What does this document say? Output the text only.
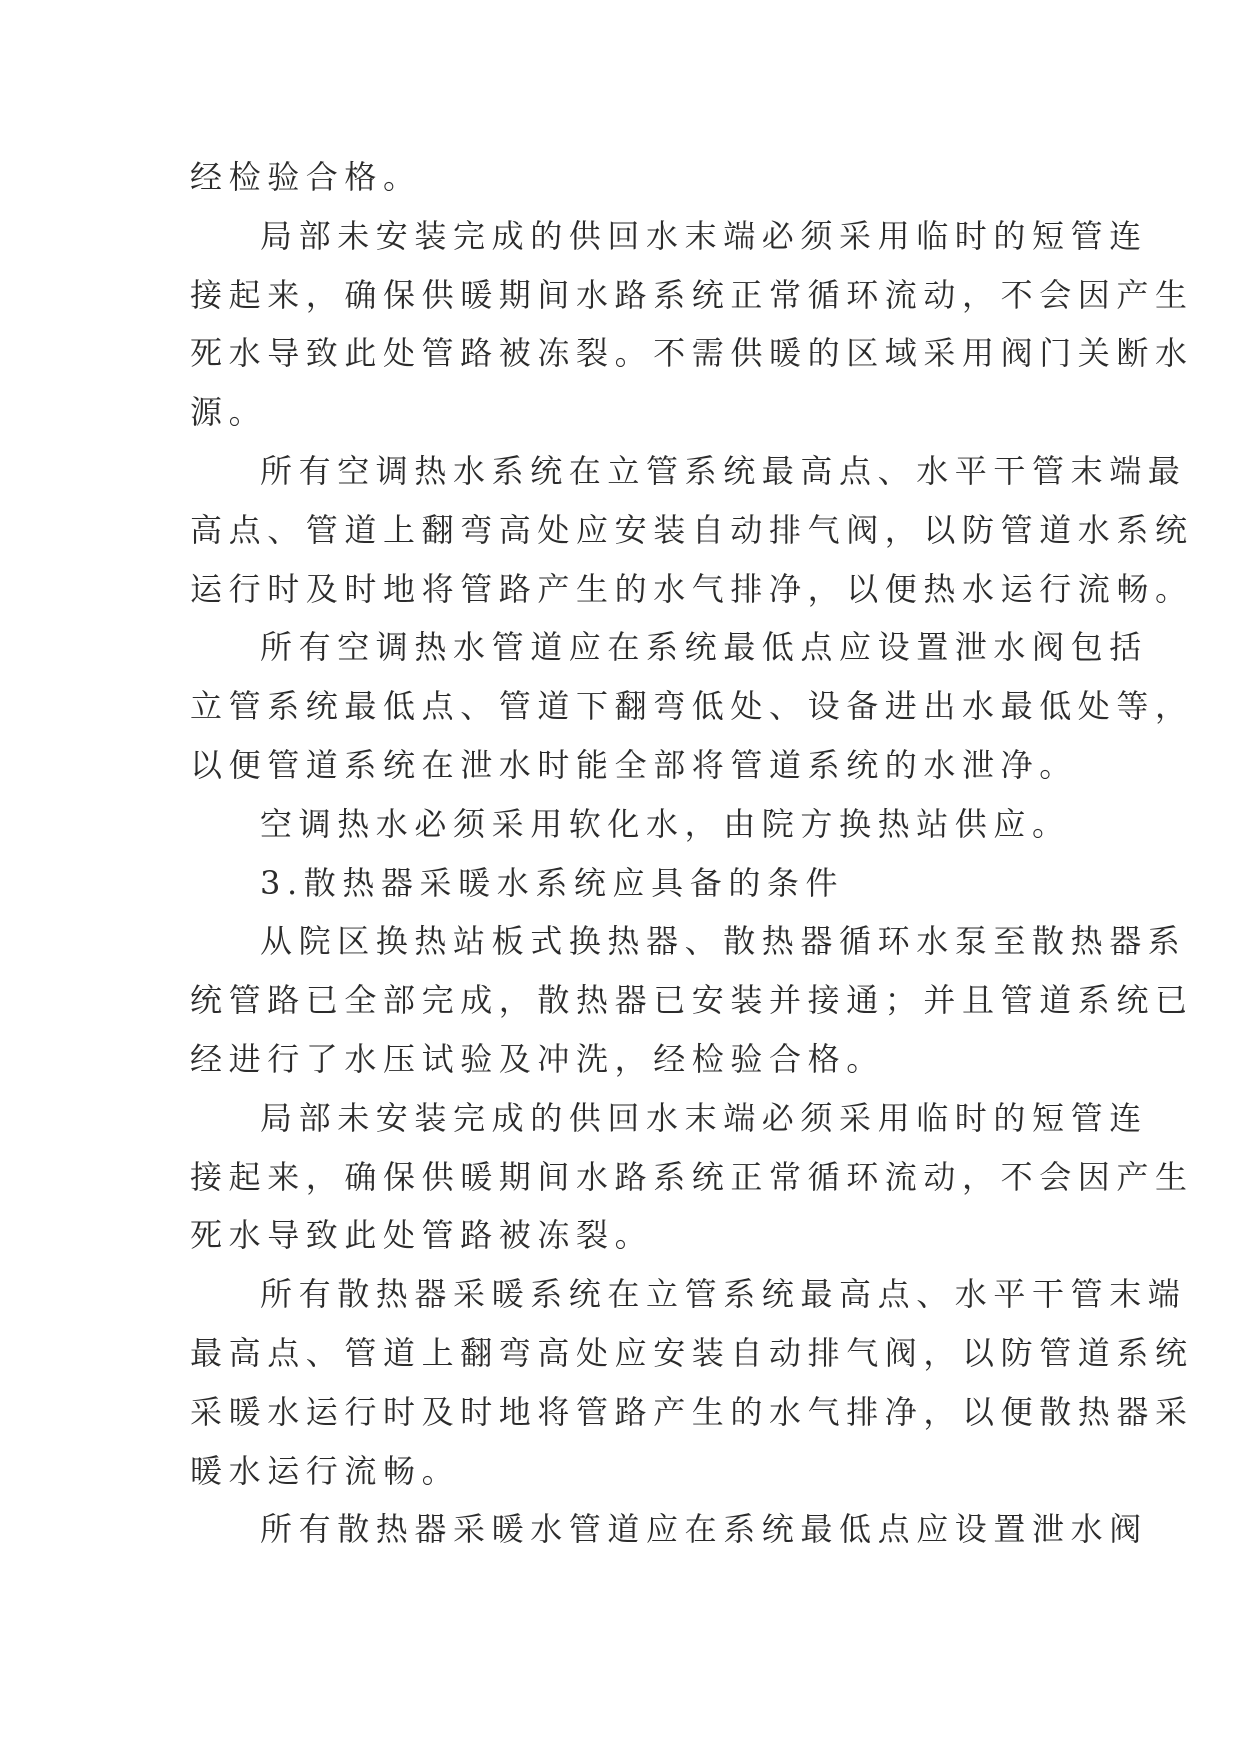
经检验合格。
局部未安装完成的供回水末端必须采用临时的短管连
接起来，确保供暖期间水路系统正常循环流动，不会因产生
死水导致此处管路被冻裂。不需供暖的区域采用阀门关断水
源。
所有空调热水系统在立管系统最高点、水平干管末端最
高点、管道上翻弯高处应安装自动排气阀，以防管道水系统
运行时及时地将管路产生的水气排净，以便热水运行流畅。
所有空调热水管道应在系统最低点应设置泄水阀包括
立管系统最低点、管道下翻弯低处、设备进出水最低处等，
以便管道系统在泄水时能全部将管道系统的水泄净。
空调热水必须采用软化水，由院方换热站供应。
3.散热器采暖水系统应具备的条件
从院区换热站板式换热器、散热器循环水泵至散热器系
统管路已全部完成，散热器已安装并接通；并且管道系统已
经进行了水压试验及冲洗，经检验合格。
局部未安装完成的供回水末端必须采用临时的短管连
接起来，确保供暖期间水路系统正常循环流动，不会因产生
死水导致此处管路被冻裂。
所有散热器采暖系统在立管系统最高点、水平干管末端
最高点、管道上翻弯高处应安装自动排气阀，以防管道系统
采暖水运行时及时地将管路产生的水气排净，以便散热器采
暖水运行流畅。
所有散热器采暖水管道应在系统最低点应设置泄水阀
